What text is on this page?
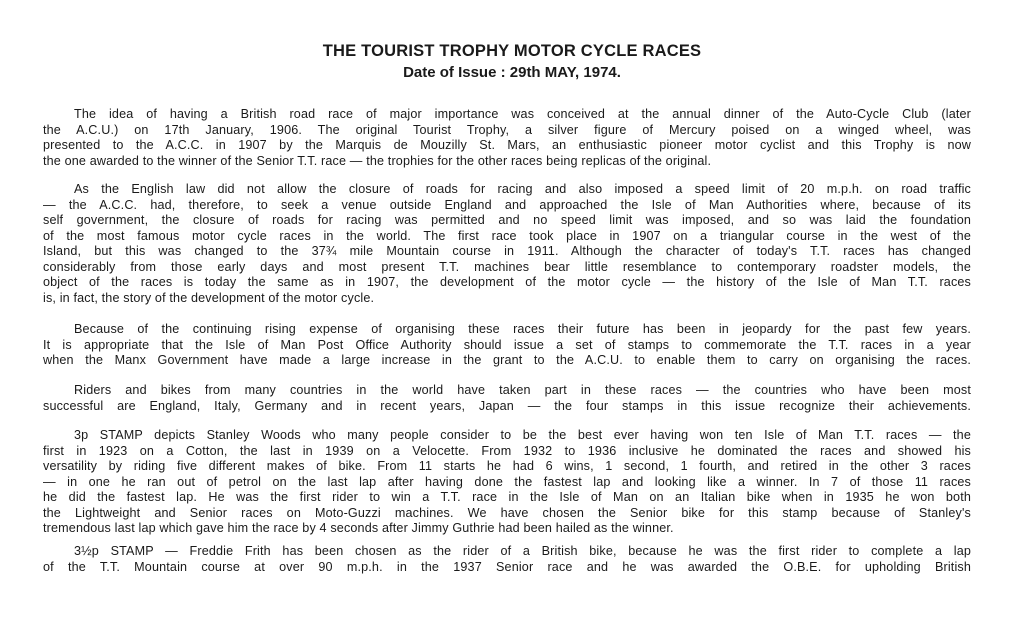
THE TOURIST TROPHY MOTOR CYCLE RACES
Date of Issue : 29th MAY, 1974.
The idea of having a British road race of major importance was conceived at the annual dinner of the Auto-Cycle Club (later
the A.C.U.) on 17th January, 1906. The original Tourist Trophy, a silver figure of Mercury poised on a winged wheel, was
presented to the A.C.C. in 1907 by the Marquis de Mouzilly St. Mars, an enthusiastic pioneer motor cyclist and this Trophy is now
the one awarded to the winner of the Senior T.T. race — the trophies for the other races being replicas of the original.
As the English law did not allow the closure of roads for racing and also imposed a speed limit of 20 m.p.h. on road traffic
— the A.C.C. had, therefore, to seek a venue outside England and approached the Isle of Man Authorities where, because of its
self government, the closure of roads for racing was permitted and no speed limit was imposed, and so was laid the foundation
of the most famous motor cycle races in the world. The first race took place in 1907 on a triangular course in the west of the
Island, but this was changed to the 37¾ mile Mountain course in 1911. Although the character of today's T.T. races has changed
considerably from those early days and most present T.T. machines bear little resemblance to contemporary roadster models, the
object of the races is today the same as in 1907, the development of the motor cycle — the history of the Isle of Man T.T. races
is, in fact, the story of the development of the motor cycle.
Because of the continuing rising expense of organising these races their future has been in jeopardy for the past few years.
It is appropriate that the Isle of Man Post Office Authority should issue a set of stamps to commemorate the T.T. races in a year
when the Manx Government have made a large increase in the grant to the A.C.U. to enable them to carry on organising the races.
Riders and bikes from many countries in the world have taken part in these races — the countries who have been most
successful are England, Italy, Germany and in recent years, Japan — the four stamps in this issue recognize their achievements.
3p STAMP depicts Stanley Woods who many people consider to be the best ever having won ten Isle of Man T.T. races — the
first in 1923 on a Cotton, the last in 1939 on a Velocette. From 1932 to 1936 inclusive he dominated the races and showed his
versatility by riding five different makes of bike. From 11 starts he had 6 wins, 1 second, 1 fourth, and retired in the other 3 races
— in one he ran out of petrol on the last lap after having done the fastest lap and looking like a winner. In 7 of those 11 races
he did the fastest lap. He was the first rider to win a T.T. race in the Isle of Man on an Italian bike when in 1935 he won both
the Lightweight and Senior races on Moto-Guzzi machines. We have chosen the Senior bike for this stamp because of Stanley's
tremendous last lap which gave him the race by 4 seconds after Jimmy Guthrie had been hailed as the winner.
3½p STAMP — Freddie Frith has been chosen as the rider of a British bike, because he was the first rider to complete a lap
of the T.T. Mountain course at over 90 m.p.h. in the 1937 Senior race and he was awarded the O.B.E. for upholding British
